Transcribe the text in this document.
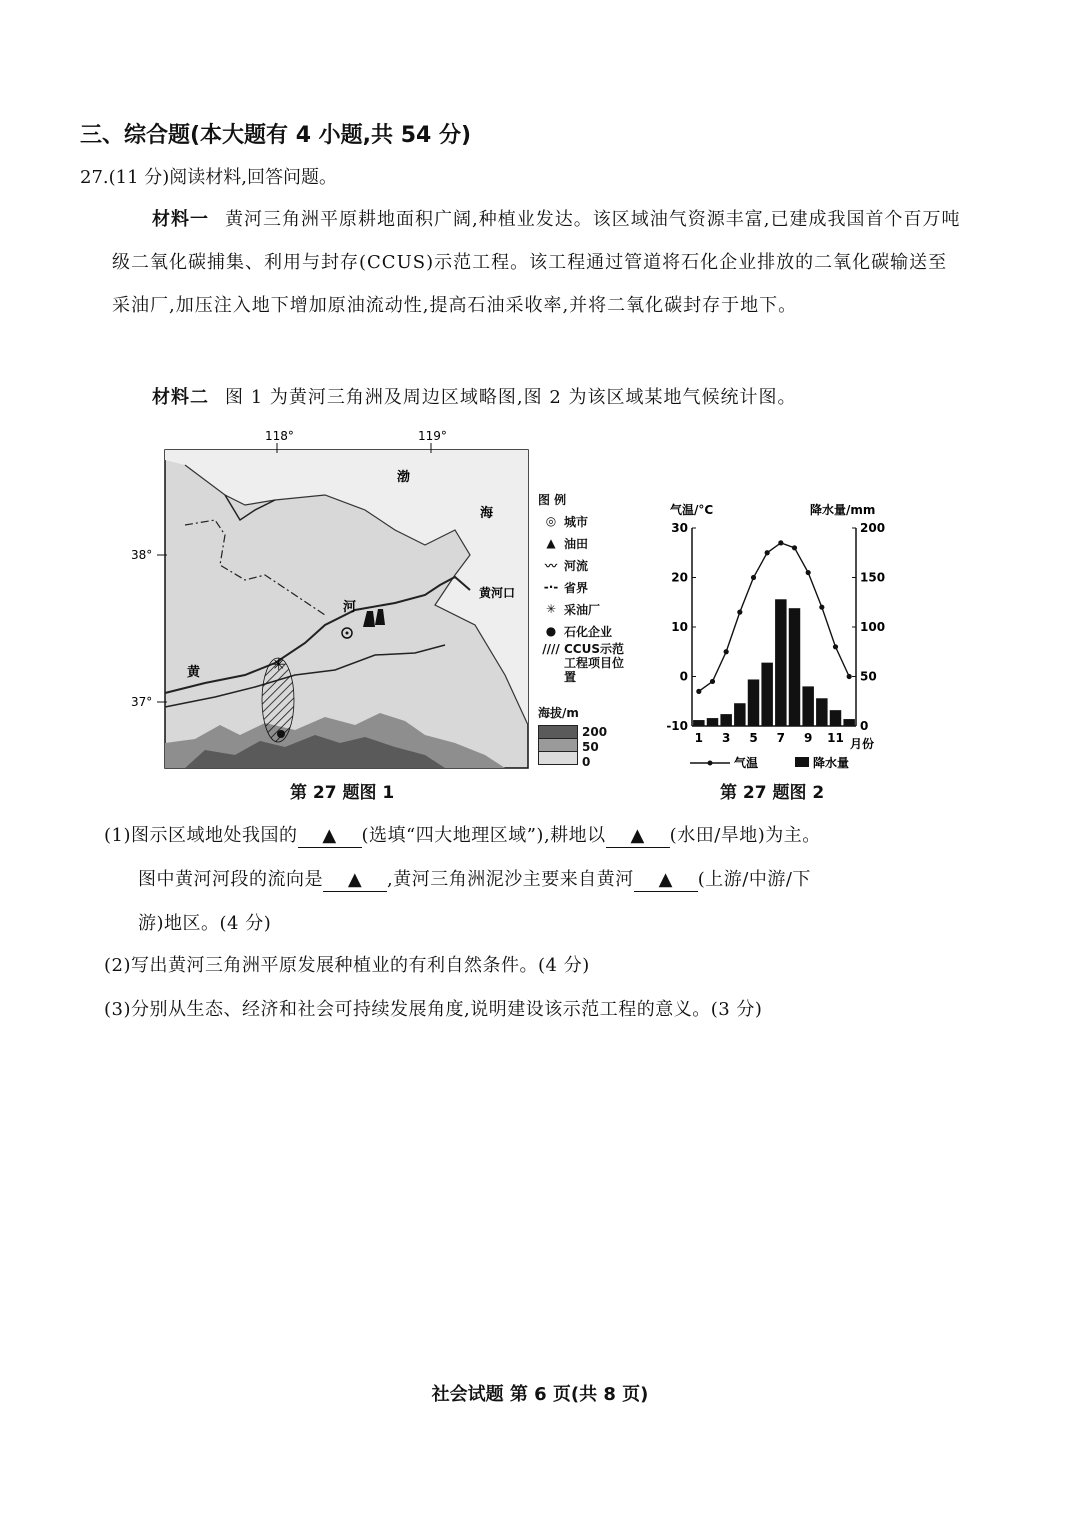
三、综合题(本大题有 4 小题,共 54 分)
27.(11 分)阅读材料,回答问题。
材料一 黄河三角洲平原耕地面积广阔,种植业发达。该区域油气资源丰富,已建成我国首个百万吨级二氧化碳捕集、利用与封存(CCUS)示范工程。该工程通过管道将石化企业排放的二氧化碳输送至采油厂,加压注入地下增加原油流动性,提高石油采收率,并将二氧化碳封存于地下。
材料二 图 1 为黄河三角洲及周边区域略图,图 2 为该区域某地气候统计图。
✳
118°	119°
38°
37°
渤
海
河
黄
黄河口
图 例
◎ 城市
▲ 油田
〰 河流
-·- 省界
✳ 采油厂
● 石化企业
//// CCUS示范工程项目位置
海拔/m
200
50
0
气温/°C	降水量/mm
30
20
10
0
-10
200
150
100
50
0
1 3 5 7 9 11 月份
气温	降水量
第 27 题图 1	第 27 题图 2
(1)图示区域地处我国的 ▲ (选填“四大地理区域”),耕地以 ▲ (水田/旱地)为主。
图中黄河河段的流向是 ▲ ,黄河三角洲泥沙主要来自黄河 ▲ (上游/中游/下
游)地区。(4 分)
(2)写出黄河三角洲平原发展种植业的有利自然条件。(4 分)
(3)分别从生态、经济和社会可持续发展角度,说明建设该示范工程的意义。(3 分)
社会试题 第 6 页(共 8 页)
